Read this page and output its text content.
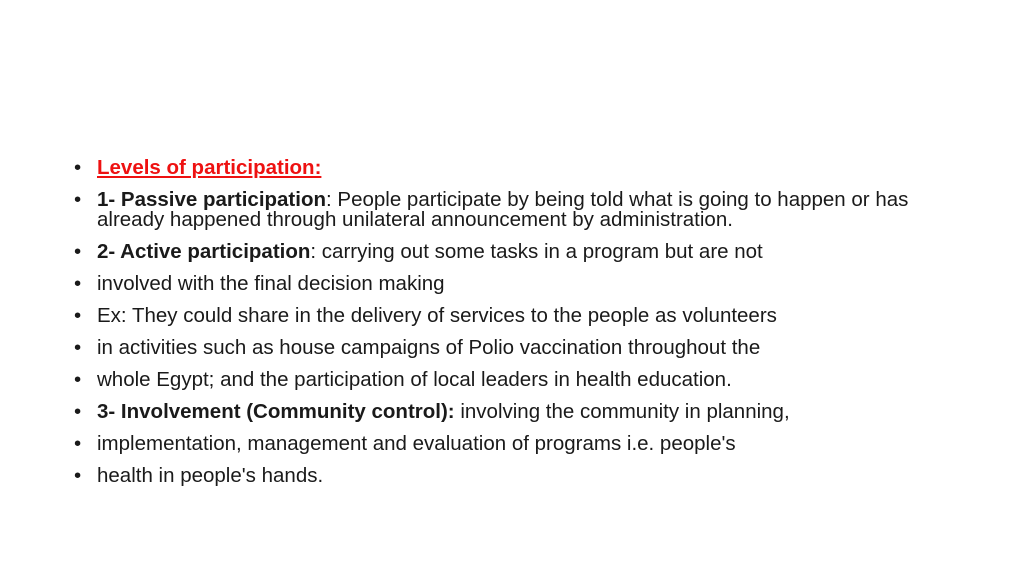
• Levels of participation:
• 1- Passive participation: People participate by being told what is going to happen or has already happened through unilateral announcement by administration.
• 2- Active participation: carrying out some tasks in a program but are not
• involved with the final decision making
• Ex: They could share in the delivery of services to the people as volunteers
• in activities such as house campaigns of Polio vaccination throughout the
• whole Egypt; and the participation of local leaders in health education.
• 3- Involvement (Community control): involving the community in planning,
• implementation, management and evaluation of programs i.e. people's
• health in people's hands.
